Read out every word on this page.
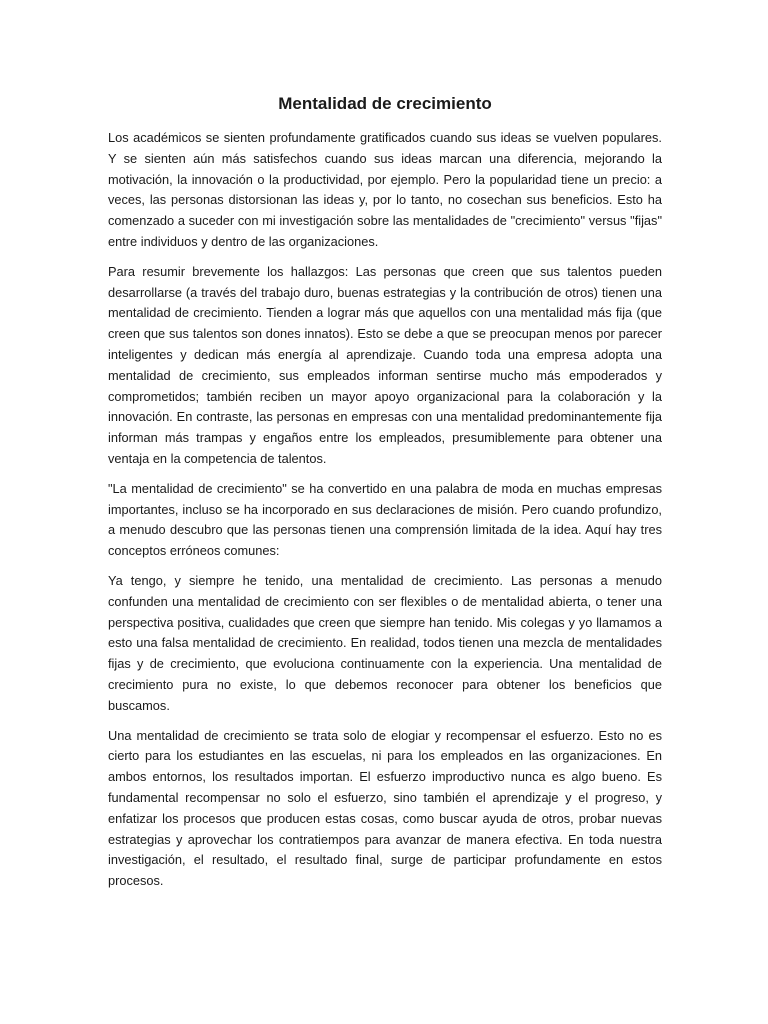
Mentalidad de crecimiento

Los académicos se sienten profundamente gratificados cuando sus ideas se vuelven populares. Y se sienten aún más satisfechos cuando sus ideas marcan una diferencia, mejorando la motivación, la innovación o la productividad, por ejemplo. Pero la popularidad tiene un precio: a veces, las personas distorsionan las ideas y, por lo tanto, no cosechan sus beneficios. Esto ha comenzado a suceder con mi investigación sobre las mentalidades de "crecimiento" versus "fijas" entre individuos y dentro de las organizaciones.

Para resumir brevemente los hallazgos: Las personas que creen que sus talentos pueden desarrollarse (a través del trabajo duro, buenas estrategias y la contribución de otros) tienen una mentalidad de crecimiento. Tienden a lograr más que aquellos con una mentalidad más fija (que creen que sus talentos son dones innatos). Esto se debe a que se preocupan menos por parecer inteligentes y dedican más energía al aprendizaje. Cuando toda una empresa adopta una mentalidad de crecimiento, sus empleados informan sentirse mucho más empoderados y comprometidos; también reciben un mayor apoyo organizacional para la colaboración y la innovación. En contraste, las personas en empresas con una mentalidad predominantemente fija informan más trampas y engaños entre los empleados, presumiblemente para obtener una ventaja en la competencia de talentos.

"La mentalidad de crecimiento" se ha convertido en una palabra de moda en muchas empresas importantes, incluso se ha incorporado en sus declaraciones de misión. Pero cuando profundizo, a menudo descubro que las personas tienen una comprensión limitada de la idea. Aquí hay tres conceptos erróneos comunes:

Ya tengo, y siempre he tenido, una mentalidad de crecimiento. Las personas a menudo confunden una mentalidad de crecimiento con ser flexibles o de mentalidad abierta, o tener una perspectiva positiva, cualidades que creen que siempre han tenido. Mis colegas y yo llamamos a esto una falsa mentalidad de crecimiento. En realidad, todos tienen una mezcla de mentalidades fijas y de crecimiento, que evoluciona continuamente con la experiencia. Una mentalidad de crecimiento pura no existe, lo que debemos reconocer para obtener los beneficios que buscamos.

Una mentalidad de crecimiento se trata solo de elogiar y recompensar el esfuerzo. Esto no es cierto para los estudiantes en las escuelas, ni para los empleados en las organizaciones. En ambos entornos, los resultados importan. El esfuerzo improductivo nunca es algo bueno. Es fundamental recompensar no solo el esfuerzo, sino también el aprendizaje y el progreso, y enfatizar los procesos que producen estas cosas, como buscar ayuda de otros, probar nuevas estrategias y aprovechar los contratiempos para avanzar de manera efectiva. En toda nuestra investigación, el resultado, el resultado final, surge de participar profundamente en estos procesos.
